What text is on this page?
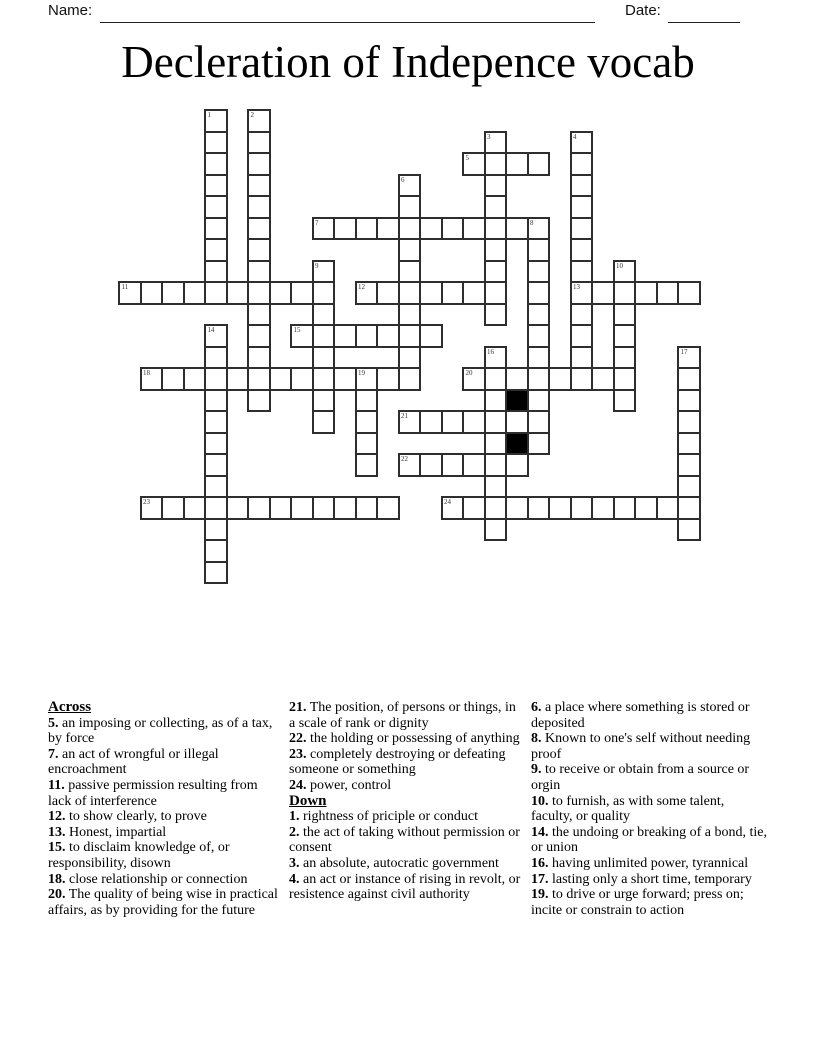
Name:	Date:
Decleration of Indepence vocab
1	2
3	4
5
6
7	8
9	10
11	12	13
14	15
16	17
18	19	20
21
22
23	24
Across
5. an imposing or collecting, as of a tax, by force
7. an act of wrongful or illegal encroachment
11. passive permission resulting from lack of interference
12. to show clearly, to prove
13. Honest, impartial
15. to disclaim knowledge of, or responsibility, disown
18. close relationship or connection
20. The quality of being wise in practical affairs, as by providing for the future
21. The position, of persons or things, in a scale of rank or dignity
22. the holding or possessing of anything
23. completely destroying or defeating someone or something
24. power, control
Down
1. rightness of priciple or conduct
2. the act of taking without permission or consent
3. an absolute, autocratic government
4. an act or instance of rising in revolt, or resistence against civil authority
6. a place where something is stored or deposited
8. Known to one's self without needing proof
9. to receive or obtain from a source or orgin
10. to furnish, as with some talent, faculty, or quality
14. the undoing or breaking of a bond, tie, or union
16. having unlimited power, tyrannical
17. lasting only a short time, temporary
19. to drive or urge forward; press on; incite or constrain to action
